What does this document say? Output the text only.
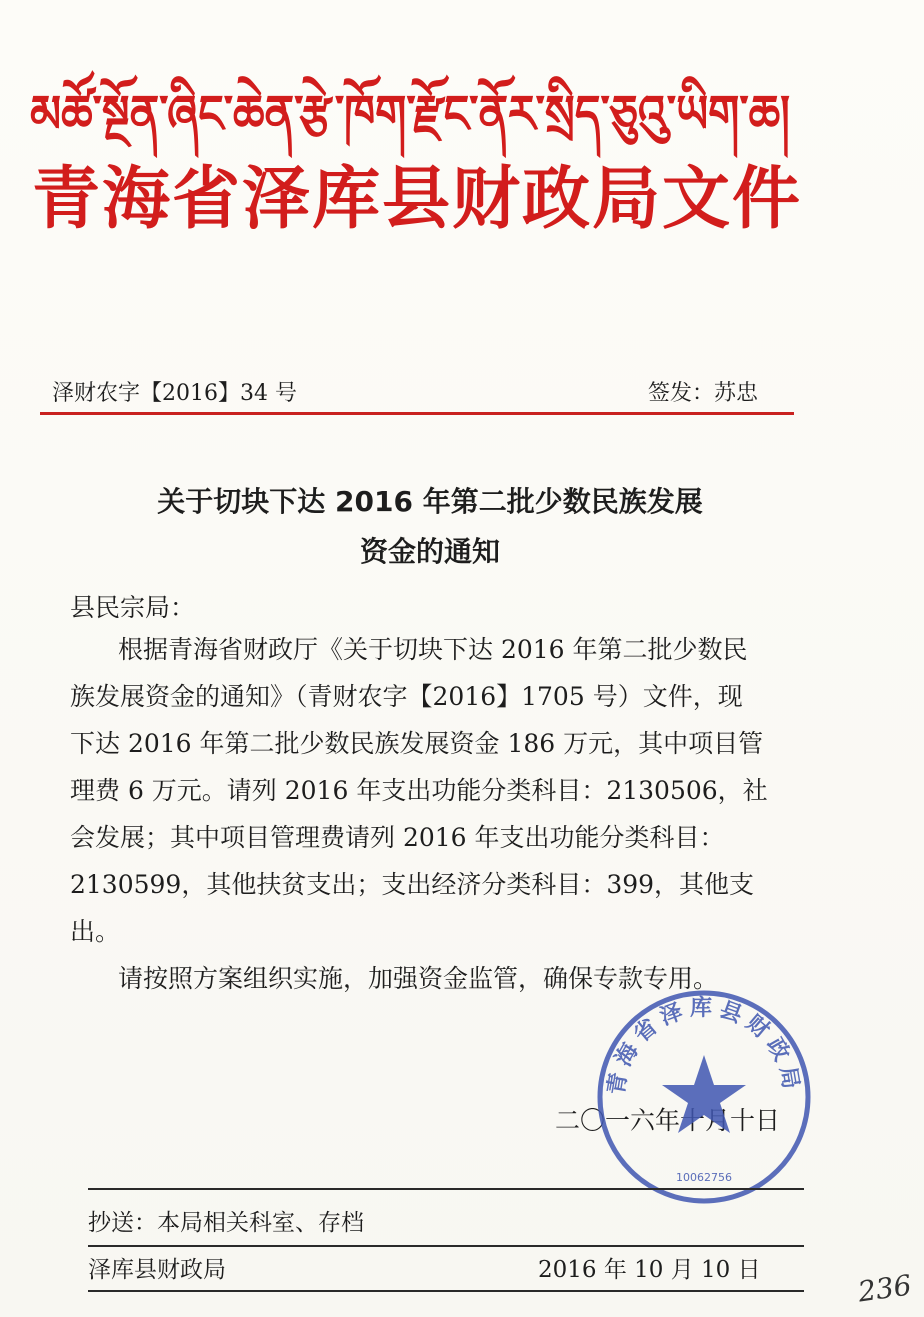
མཚོ་སྔོན་ཞིང་ཆེན་རྩེ་ཁོག་རྫོང་ནོར་སྲིད་ཅུའུ་ཡིག་ཆ།
青海省泽库县财政局文件
泽财农字【2016】34 号	签发：苏忠
关于切块下达 2016 年第二批少数民族发展
资金的通知
县民宗局：
根据青海省财政厅《关于切块下达 2016 年第二批少数民
族发展资金的通知》（青财农字【2016】1705 号）文件，现
下达 2016 年第二批少数民族发展资金 186 万元，其中项目管
理费 6 万元。请列 2016 年支出功能分类科目：2130506，社
会发展；其中项目管理费请列 2016 年支出功能分类科目：
2130599，其他扶贫支出；支出经济分类科目：399，其他支
出。
请按照方案组织实施，加强资金监管，确保专款专用。
二〇一六年十月十日
青海省泽库县财政局
10062756
抄送：本局相关科室、存档
泽库县财政局	2016 年 10 月 10 日	236
